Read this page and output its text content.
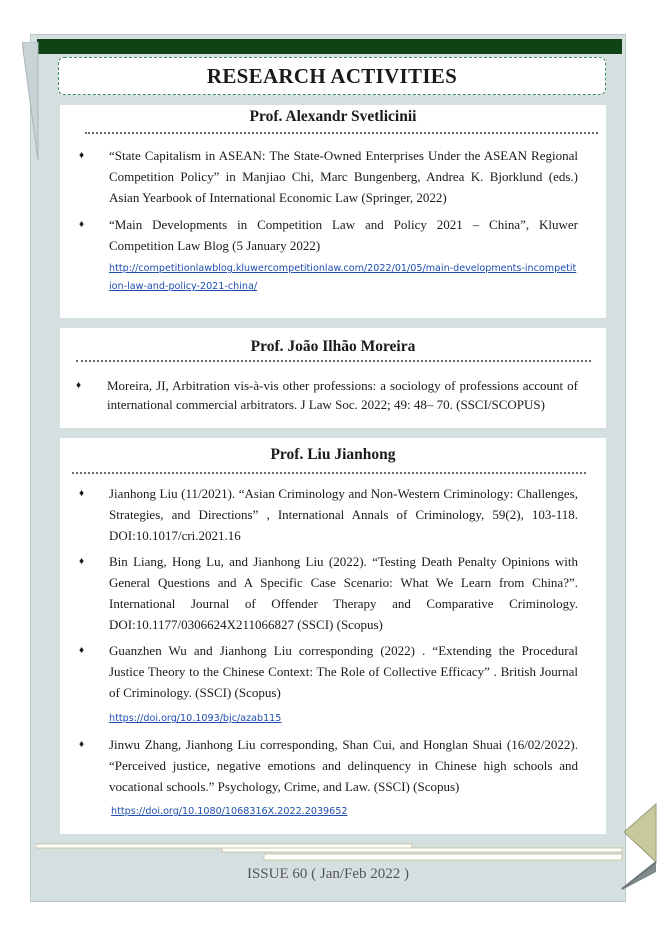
RESEARCH ACTIVITIES
Prof. Alexandr Svetlicinii
♦ “State Capitalism in ASEAN: The State-Owned Enterprises Under the ASEAN Regional Competition Policy” in Manjiao Chi, Marc Bungenberg, Andrea K. Bjorklund (eds.) Asian Yearbook of International Economic Law (Springer, 2022)
♦ “Main Developments in Competition Law and Policy 2021 – China”, Kluwer Competition Law Blog (5 January 2022)
http://competitionlawblog.kluwercompetitionlaw.com/2022/01/05/main-developments-incompetition-law-and-policy-2021-china/
Prof. João Ilhão Moreira
♦ Moreira, JI, Arbitration vis-à-vis other professions: a sociology of professions account of international commercial arbitrators. J Law Soc. 2022; 49: 48– 70. (SSCI/SCOPUS)
Prof. Liu Jianhong
♦ Jianhong Liu (11/2021). “Asian Criminology and Non-Western Criminology: Challenges, Strategies, and Directions” , International Annals of Criminology, 59(2), 103-118. DOI:10.1017/cri.2021.16
♦ Bin Liang, Hong Lu, and Jianhong Liu (2022). “Testing Death Penalty Opinions with General Questions and A Specific Case Scenario: What We Learn from China?”. International Journal of Offender Therapy and Comparative Criminology. DOI:10.1177/0306624X211066827 (SSCI) (Scopus)
♦ Guanzhen Wu and Jianhong Liu corresponding (2022) . “Extending the Procedural Justice Theory to the Chinese Context: The Role of Collective Efficacy” . British Journal of Criminology. (SSCI) (Scopus)
https://doi.org/10.1093/bjc/azab115
♦ Jinwu Zhang, Jianhong Liu corresponding, Shan Cui, and Honglan Shuai (16/02/2022). “Perceived justice, negative emotions and delinquency in Chinese high schools and vocational schools.” Psychology, Crime, and Law. (SSCI) (Scopus)
https://doi.org/10.1080/1068316X.2022.2039652
ISSUE 60 ( Jan/Feb 2022 )
